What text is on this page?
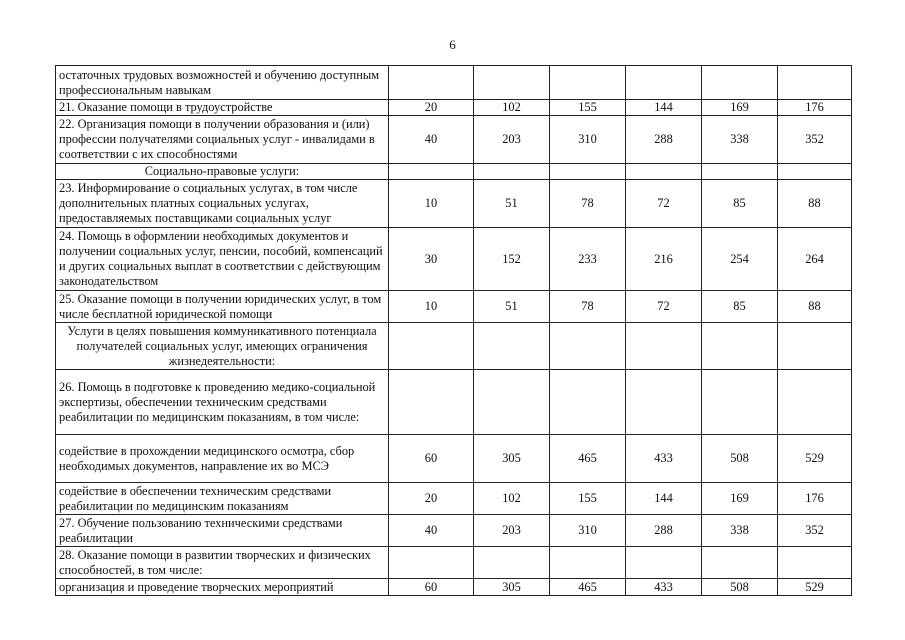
6
остаточных трудовых возможностей и обучению доступным профессиональным навыкам						
21. Оказание помощи в трудоустройстве	20	102	155	144	169	176
22. Организация помощи в получении образования и (или) профессии получателями социальных услуг - инвалидами в соответствии с их способностями	40	203	310	288	338	352
Социально-правовые услуги:						
23. Информирование о социальных услугах, в том числе дополнительных платных социальных услугах, предоставляемых поставщиками социальных услуг	10	51	78	72	85	88
24. Помощь в оформлении необходимых документов и получении социальных услуг, пенсии, пособий, компенсаций и других социальных выплат в соответствии с действующим законодательством	30	152	233	216	254	264
25. Оказание помощи в получении юридических услуг, в том числе бесплатной юридической помощи	10	51	78	72	85	88
Услуги в целях повышения коммуникативного потенциала получателей социальных услуг, имеющих ограничения жизнедеятельности:						
26. Помощь в подготовке к проведению медико-социальной экспертизы, обеспечении техническим средствами реабилитации по медицинским показаниям, в том числе:						
содействие в прохождении медицинского осмотра, сбор необходимых документов, направление их во МСЭ	60	305	465	433	508	529
содействие в обеспечении техническим средствами реабилитации по медицинским показаниям	20	102	155	144	169	176
27. Обучение пользованию техническими средствами реабилитации	40	203	310	288	338	352
28. Оказание помощи в развитии творческих и физических способностей, в том числе:						
организация и проведение творческих мероприятий	60	305	465	433	508	529
